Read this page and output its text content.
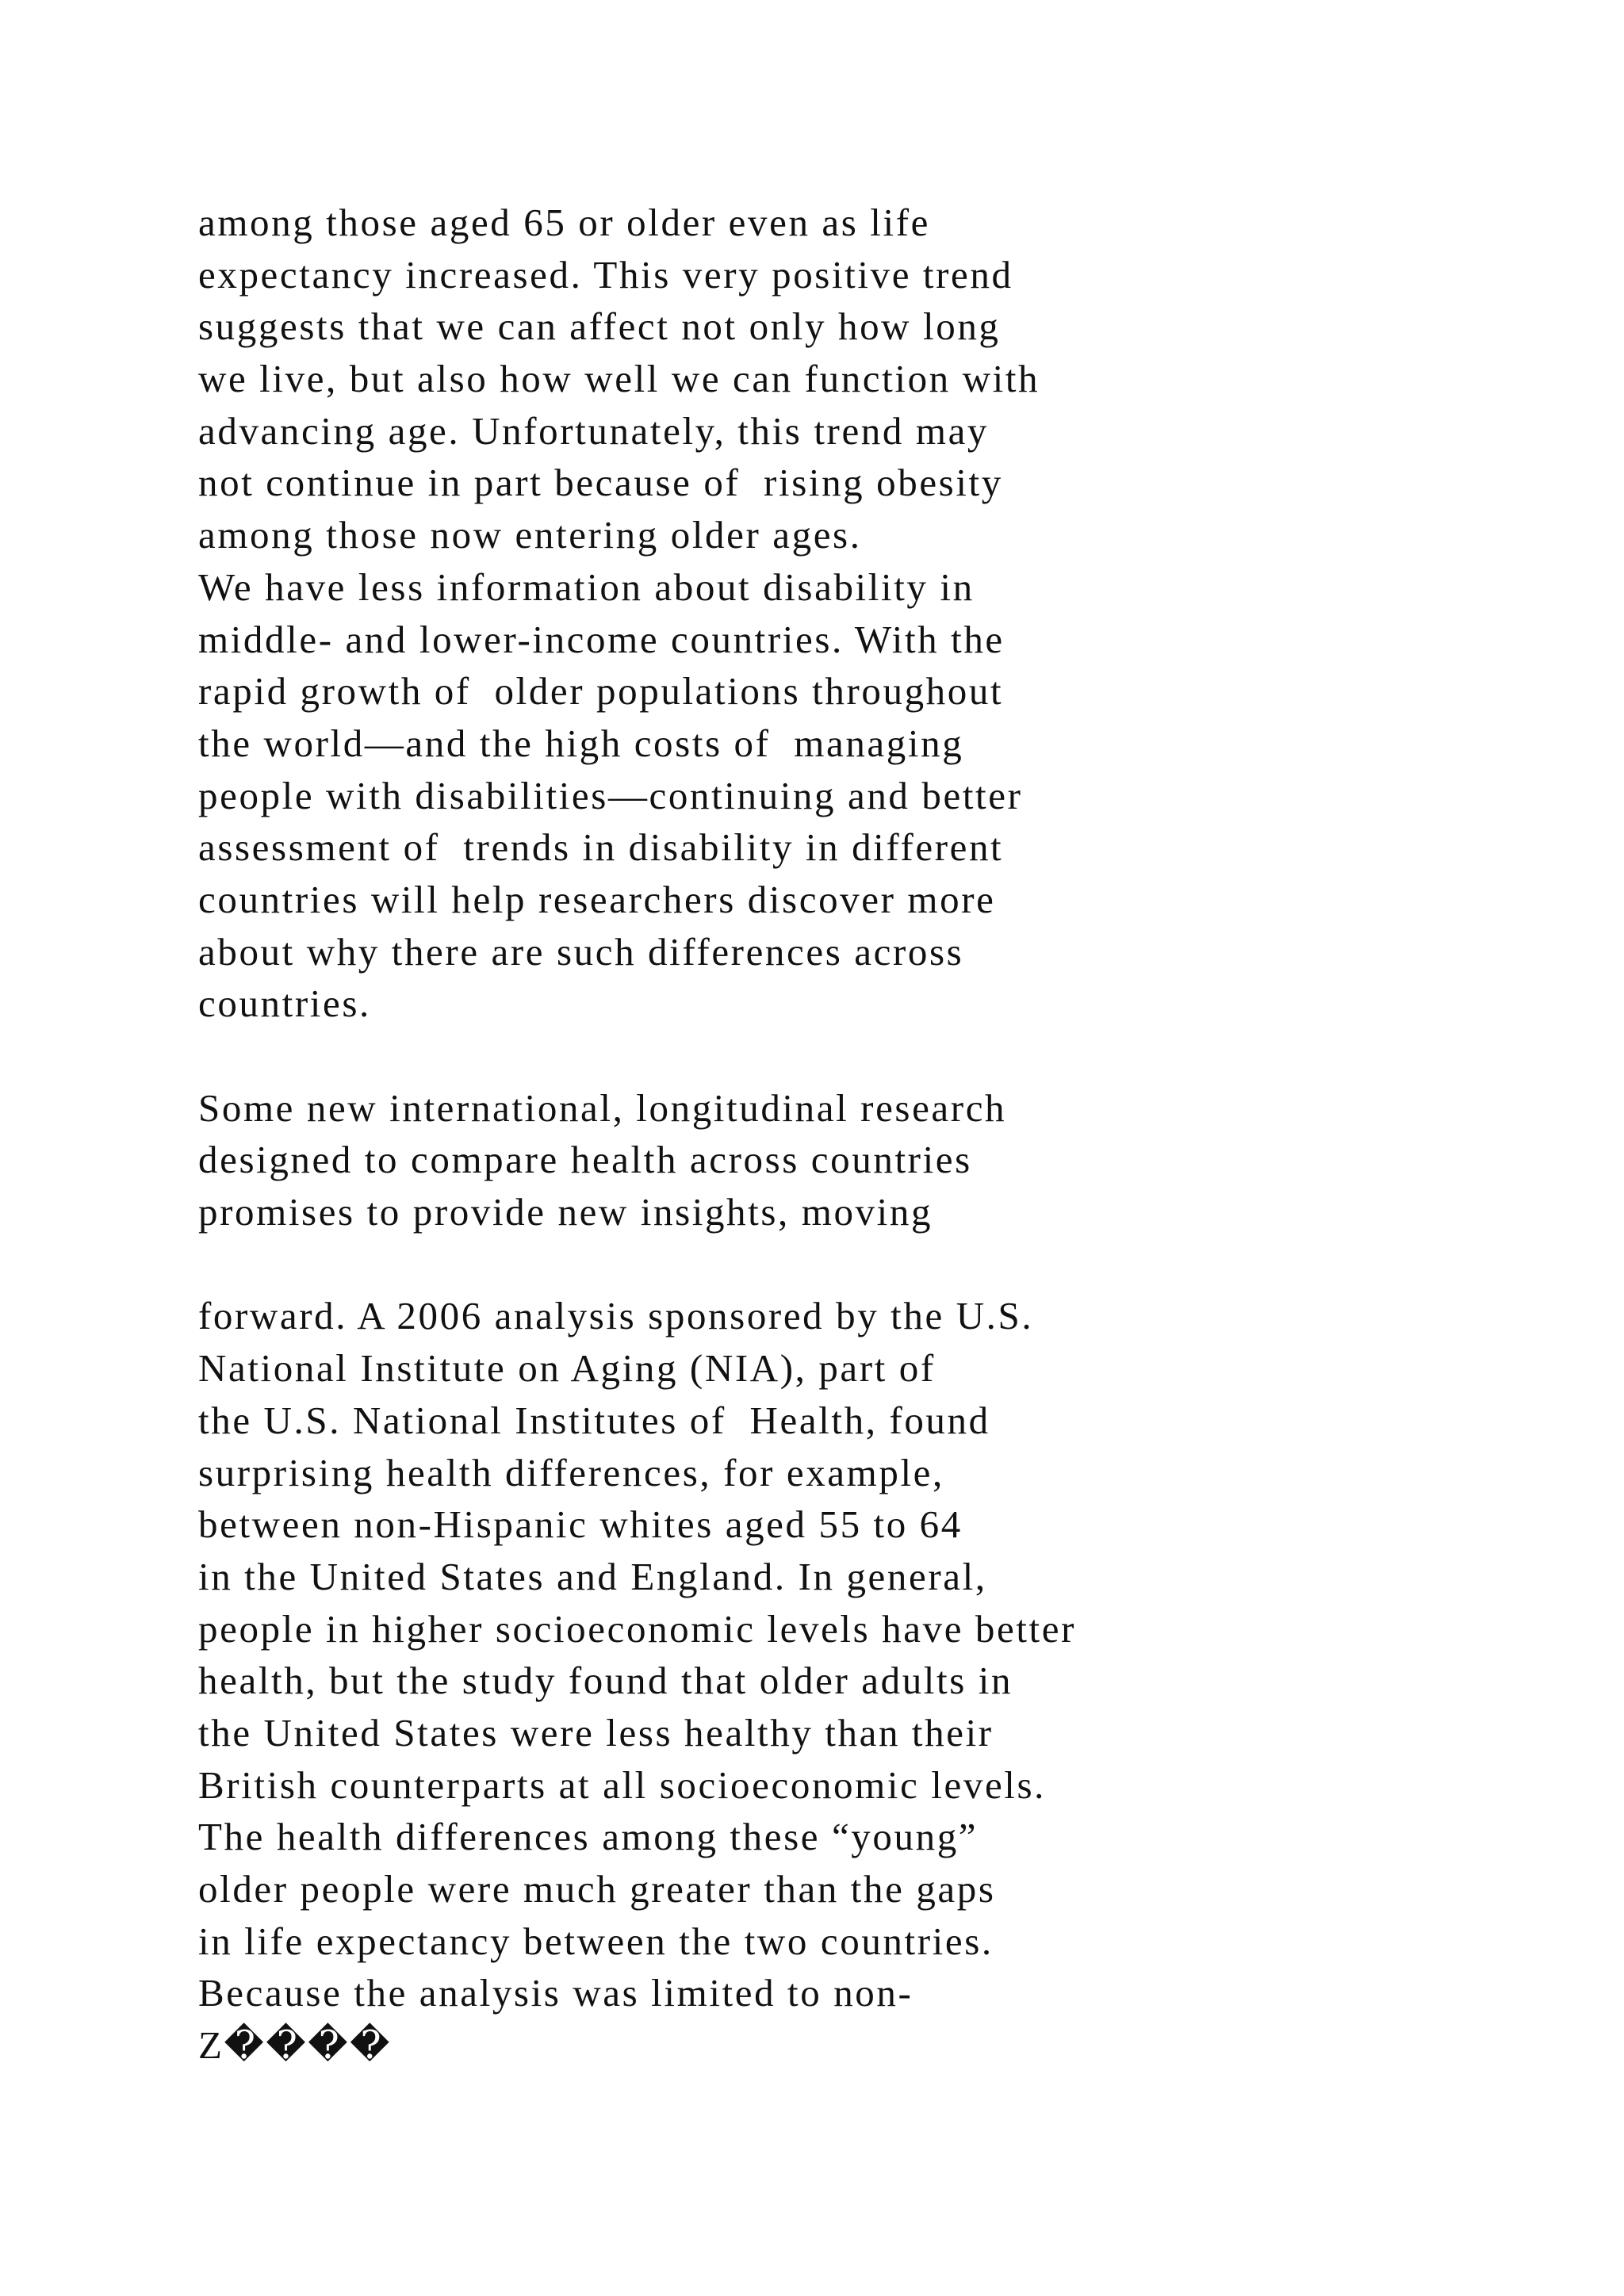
among those aged 65 or older even as life
expectancy increased. This very positive trend
suggests that we can affect not only how long
we live, but also how well we can function with
advancing age. Unfortunately, this trend may
not continue in part because of  rising obesity
among those now entering older ages.
We have less information about disability in
middle- and lower-income countries. With the
rapid growth of  older populations throughout
the world—and the high costs of  managing
people with disabilities—continuing and better
assessment of  trends in disability in different
countries will help researchers discover more
about why there are such differences across
countries.
Some new international, longitudinal research
designed to compare health across countries
promises to provide new insights, moving
forward. A 2006 analysis sponsored by the U.S.
National Institute on Aging (NIA), part of
the U.S. National Institutes of  Health, found
surprising health differences, for example,
between non-Hispanic whites aged 55 to 64
in the United States and England. In general,
people in higher socioeconomic levels have better
health, but the study found that older adults in
the United States were less healthy than their
British counterparts at all socioeconomic levels.
The health differences among these “young”
older people were much greater than the gaps
in life expectancy between the two countries.
Because the analysis was limited to non-
Z����
